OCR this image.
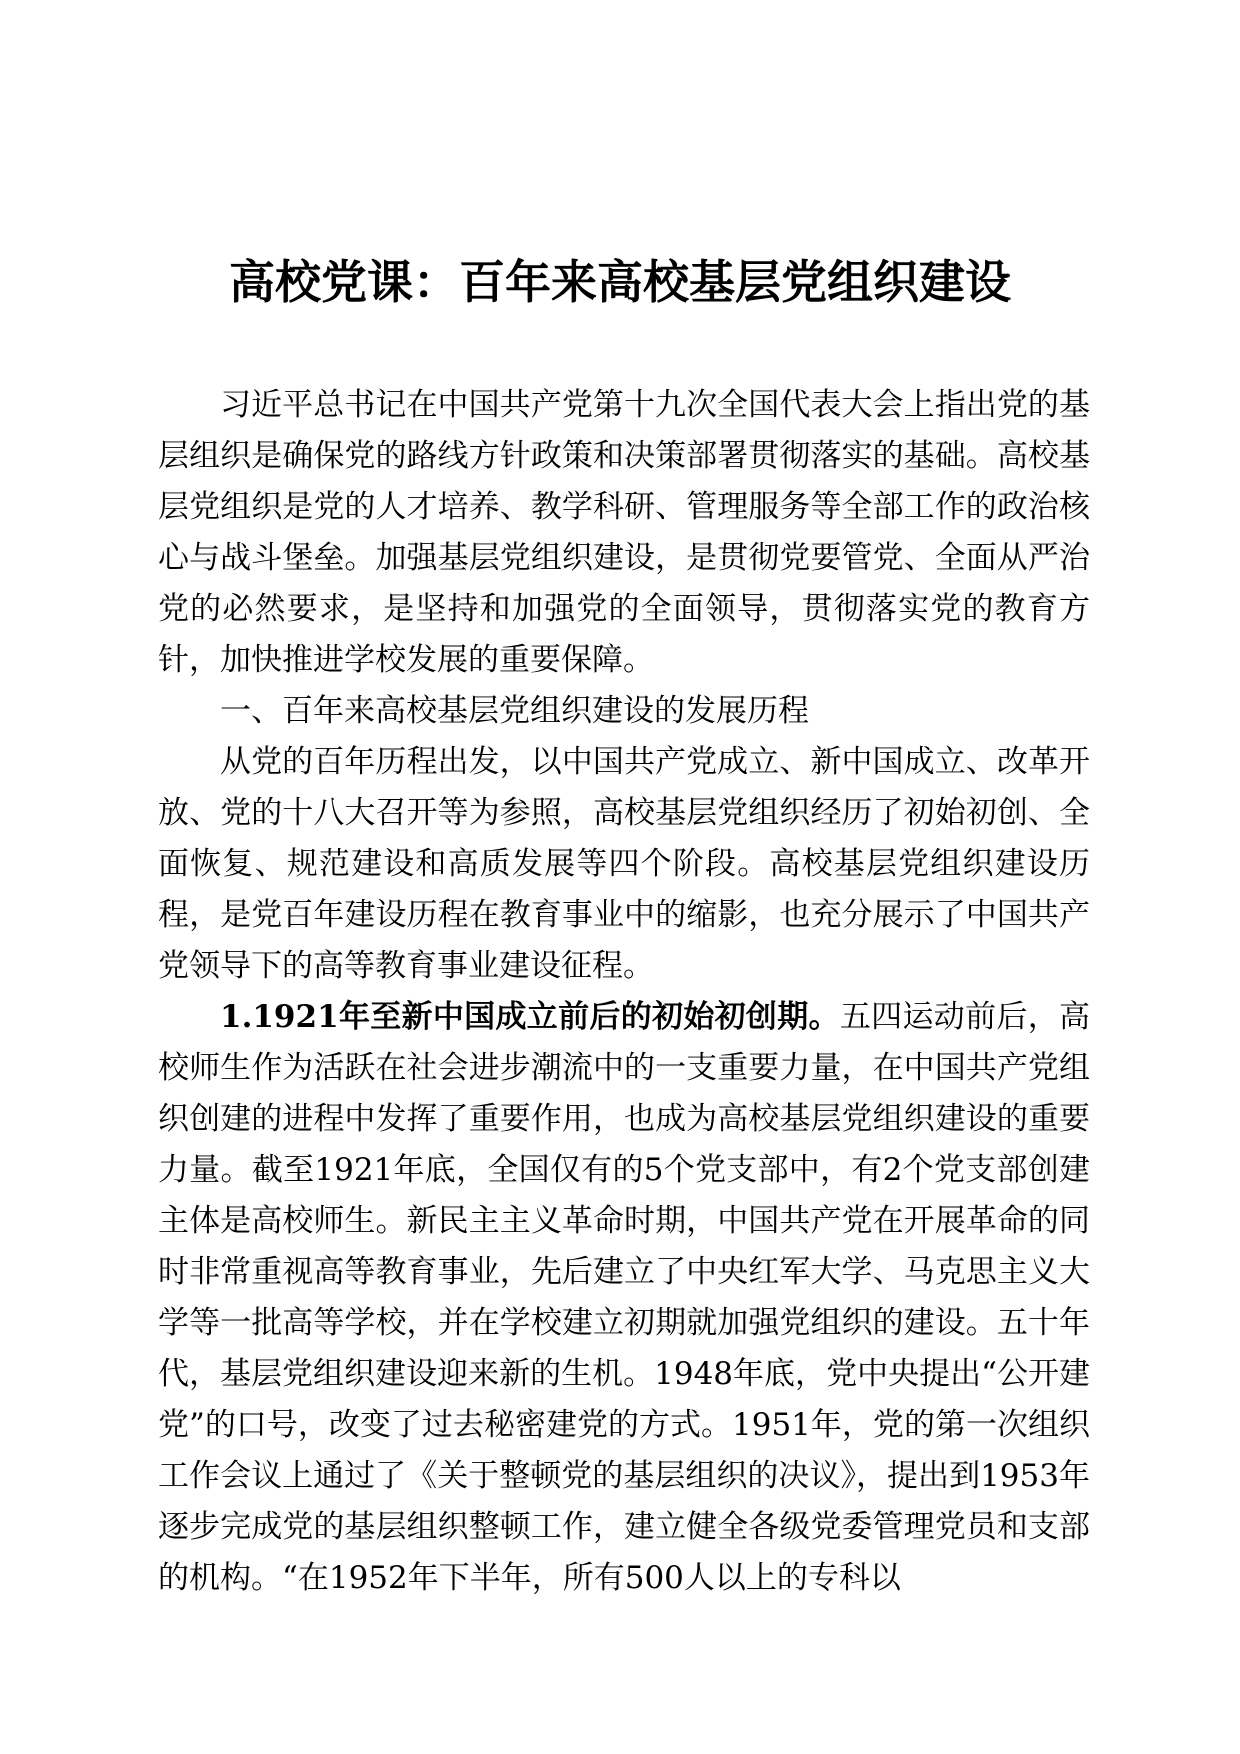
高校党课：百年来高校基层党组织建设

习近平总书记在中国共产党第十九次全国代表大会上指出党的基层组织是确保党的路线方针政策和决策部署贯彻落实的基础。高校基层党组织是党的人才培养、教学科研、管理服务等全部工作的政治核心与战斗堡垒。加强基层党组织建设，是贯彻党要管党、全面从严治党的必然要求，是坚持和加强党的全面领导，贯彻落实党的教育方针，加快推进学校发展的重要保障。

一、百年来高校基层党组织建设的发展历程

从党的百年历程出发，以中国共产党成立、新中国成立、改革开放、党的十八大召开等为参照，高校基层党组织经历了初始初创、全面恢复、规范建设和高质发展等四个阶段。高校基层党组织建设历程，是党百年建设历程在教育事业中的缩影，也充分展示了中国共产党领导下的高等教育事业建设征程。

1.1921年至新中国成立前后的初始初创期。五四运动前后，高校师生作为活跃在社会进步潮流中的一支重要力量，在中国共产党组织创建的进程中发挥了重要作用，也成为高校基层党组织建设的重要力量。截至1921年底，全国仅有的5个党支部中，有2个党支部创建主体是高校师生。新民主主义革命时期，中国共产党在开展革命的同时非常重视高等教育事业，先后建立了中央红军大学、马克思主义大学等一批高等学校，并在学校建立初期就加强党组织的建设。五十年代，基层党组织建设迎来新的生机。1948年底，党中央提出“公开建党”的口号，改变了过去秘密建党的方式。1951年，党的第一次组织工作会议上通过了《关于整顿党的基层组织的决议》，提出到1953年逐步完成党的基层组织整顿工作，建立健全各级党委管理党员和支部的机构。“在1952年下半年，所有500人以上的专科以
